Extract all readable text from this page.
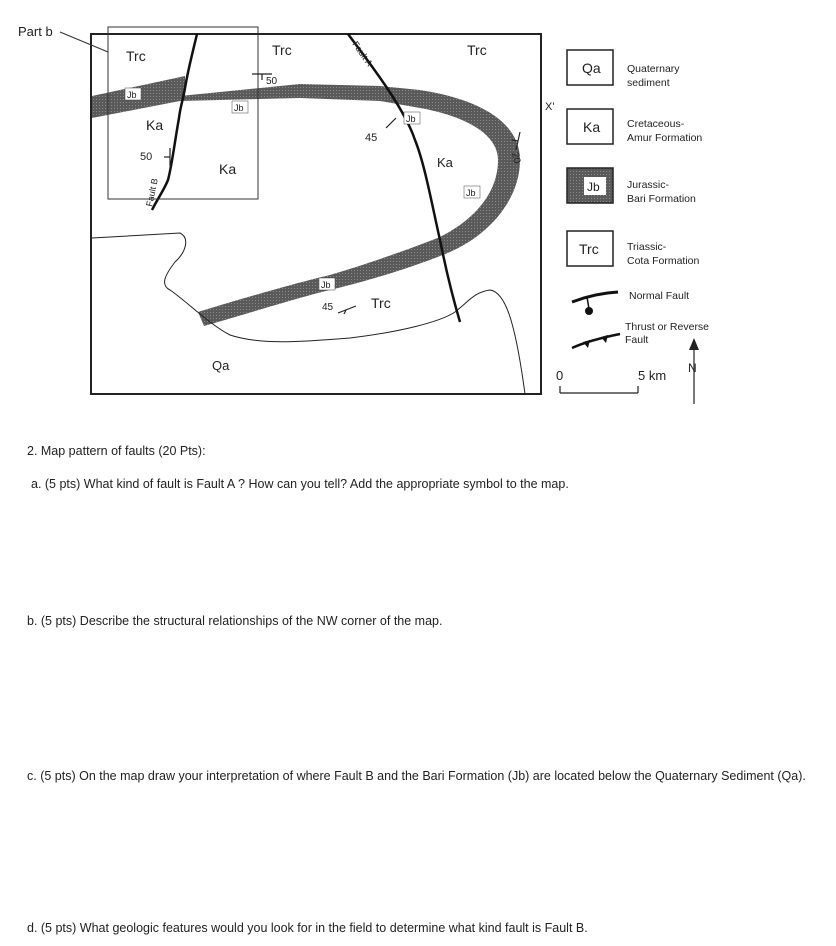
Part b
Trc	Trc	Trc
Ka
Ka	Ka
Trc
Qa
Jb
Jb
Jb
Jb
Jb
Fault A
Fault B
X'
50
50
45
20
45
Qa	Quaternary
sediment
Ka	Cretaceous-
Amur Formation
Jb	Jurassic-
Bari Formation
Trc	Triassic-
Cota Formation
Normal Fault
Thrust or Reverse
Fault
0	5 km N
2. Map pattern of faults (20 Pts):
a. (5 pts) What kind of fault is Fault A ? How can you tell? Add the appropriate symbol to the map.
b. (5 pts) Describe the structural relationships of the NW corner of the map.
c. (5 pts) On the map draw your interpretation of where Fault B and the Bari Formation (Jb) are located below the Quaternary Sediment (Qa).
d. (5 pts) What geologic features would you look for in the field to determine what kind fault is Fault B.
